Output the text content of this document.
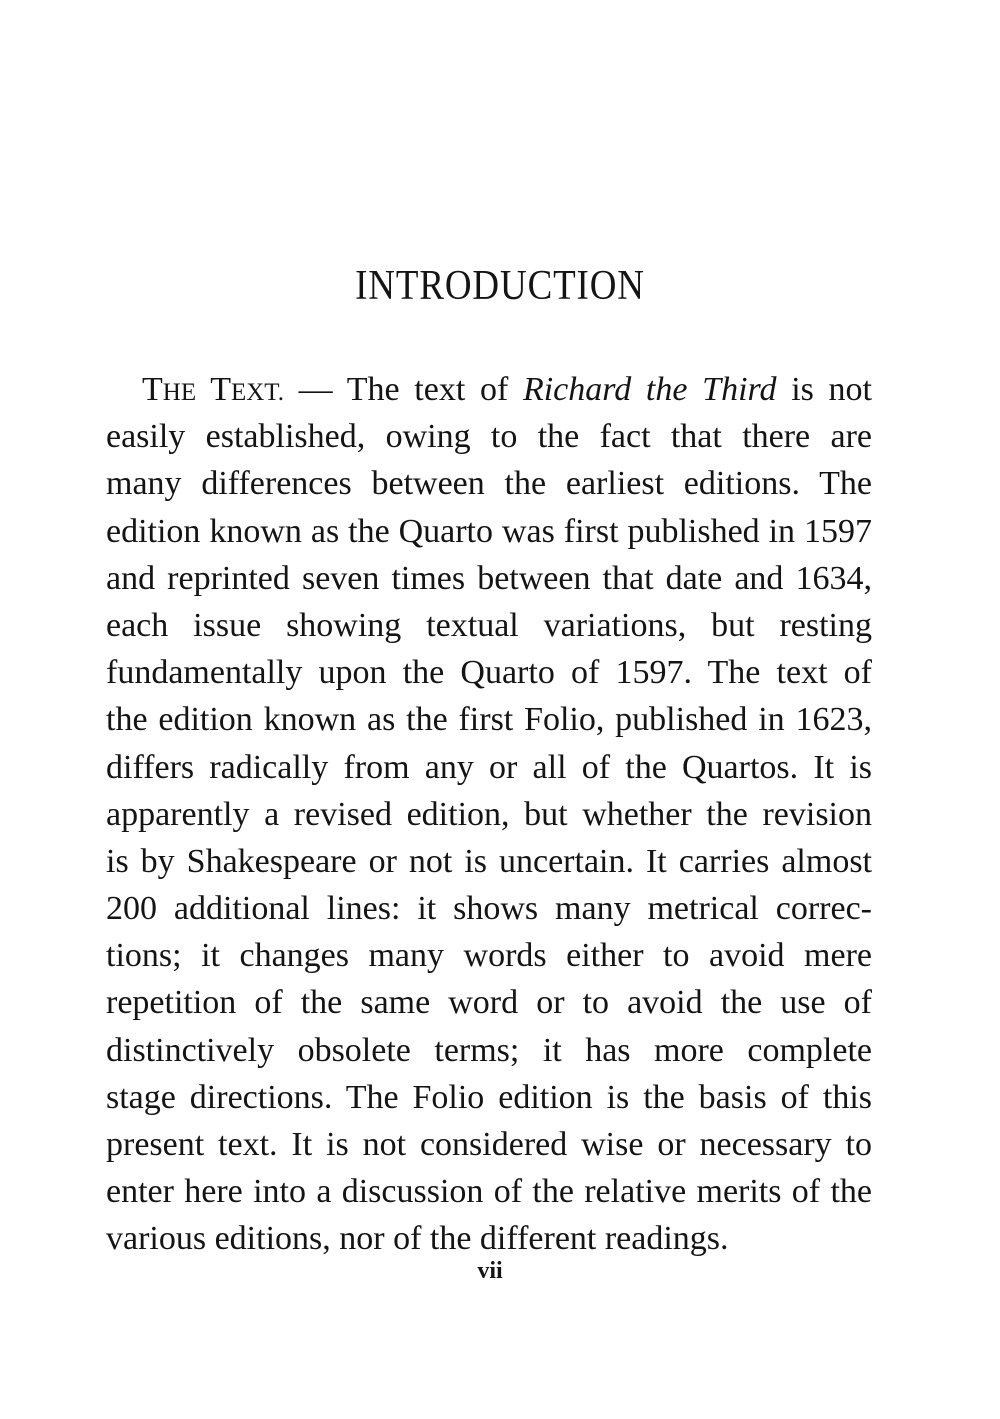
INTRODUCTION
THE TEXT. — The text of Richard the Third is not
easily established, owing to the fact that there are
many differences between the earliest editions. The
edition known as the Quarto was first published in 1597
and reprinted seven times between that date and 1634,
each issue showing textual variations, but resting
fundamentally upon the Quarto of 1597. The text of
the edition known as the first Folio, published in 1623,
differs radically from any or all of the Quartos. It is
apparently a revised edition, but whether the revision
is by Shakespeare or not is uncertain. It carries almost
200 additional lines: it shows many metrical correc-
tions; it changes many words either to avoid mere
repetition of the same word or to avoid the use of
distinctively obsolete terms; it has more complete
stage directions. The Folio edition is the basis of this
present text. It is not considered wise or necessary to
enter here into a discussion of the relative merits of the
various editions, nor of the different readings.
vii
